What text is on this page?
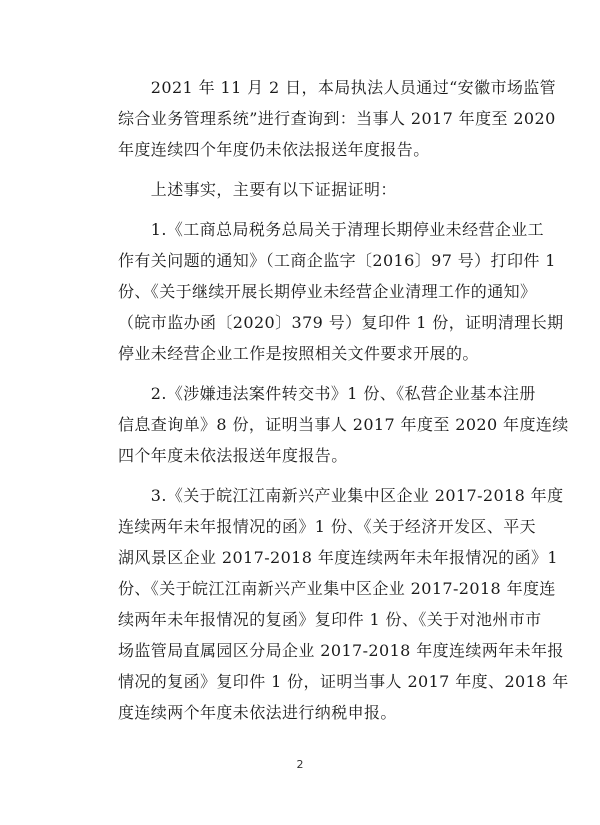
　　2021 年 11 月 2 日，本局执法人员通过“安徽市场监管
综合业务管理系统”进行查询到：当事人 2017 年度至 2020
年度连续四个年度仍未依法报送年度报告。

　　上述事实，主要有以下证据证明：

　　1.《工商总局税务总局关于清理长期停业未经营企业工
作有关问题的通知》（工商企监字〔2016〕97 号）打印件 1
份、《关于继续开展长期停业未经营企业清理工作的通知》
（皖市监办函〔2020〕379 号）复印件 1 份，证明清理长期
停业未经营企业工作是按照相关文件要求开展的。

　　2.《涉嫌违法案件转交书》1 份、《私营企业基本注册
信息查询单》8 份，证明当事人 2017 年度至 2020 年度连续
四个年度未依法报送年度报告。

　　3.《关于皖江江南新兴产业集中区企业 2017-2018 年度
连续两年未年报情况的函》1 份、《关于经济开发区、平天
湖风景区企业 2017-2018 年度连续两年未年报情况的函》1
份、《关于皖江江南新兴产业集中区企业 2017-2018 年度连
续两年未年报情况的复函》复印件 1 份、《关于对池州市市
场监管局直属园区分局企业 2017-2018 年度连续两年未年报
情况的复函》复印件 1 份，证明当事人 2017 年度、2018 年
度连续两个年度未依法进行纳税申报。

2
